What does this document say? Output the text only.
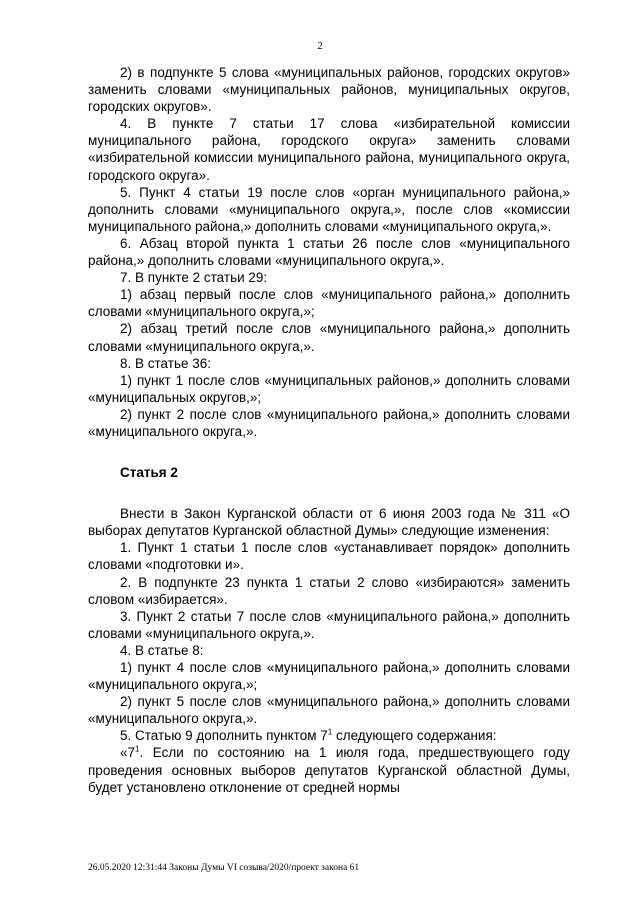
2

2) в подпункте 5 слова «муниципальных районов, городских округов» заменить словами «муниципальных районов, муниципальных округов, городских округов».

4. В пункте 7 статьи 17 слова «избирательной комиссии муниципального района, городского округа» заменить словами «избирательной комиссии муниципального района, муниципального округа, городского округа».

5. Пункт 4 статьи 19 после слов «орган муниципального района,» дополнить словами «муниципального округа,», после слов «комиссии муниципального района,» дополнить словами «муниципального округа,».

6. Абзац второй пункта 1 статьи 26 после слов «муниципального района,» дополнить словами «муниципального округа,».

7. В пункте 2 статьи 29:

1) абзац первый после слов «муниципального района,» дополнить словами «муниципального округа,»;

2) абзац третий после слов «муниципального района,» дополнить словами «муниципального округа,».

8. В статье 36:

1) пункт 1 после слов «муниципальных районов,» дополнить словами «муниципальных округов,»;

2) пункт 2 после слов «муниципального района,» дополнить словами «муниципального округа,».

Статья 2

Внести в Закон Курганской области от 6 июня 2003 года № 311 «О выборах депутатов Курганской областной Думы» следующие изменения:

1. Пункт 1 статьи 1 после слов «устанавливает порядок» дополнить словами «подготовки и».

2. В подпункте 23 пункта 1 статьи 2 слово «избираются» заменить словом «избирается».

3. Пункт 2 статьи 7 после слов «муниципального района,» дополнить словами «муниципального округа,».

4. В статье 8:

1) пункт 4 после слов «муниципального района,» дополнить словами «муниципального округа,»;

2) пункт 5 после слов «муниципального района,» дополнить словами «муниципального округа,».

5. Статью 9 дополнить пунктом $7^1$ следующего содержания:

«$7^1$. Если по состоянию на 1 июля года, предшествующего году проведения основных выборов депутатов Курганской областной Думы, будет установлено отклонение от средней нормы

26.05.2020 12:31:44 Законы Думы VI созыва/2020/проект закона 61
